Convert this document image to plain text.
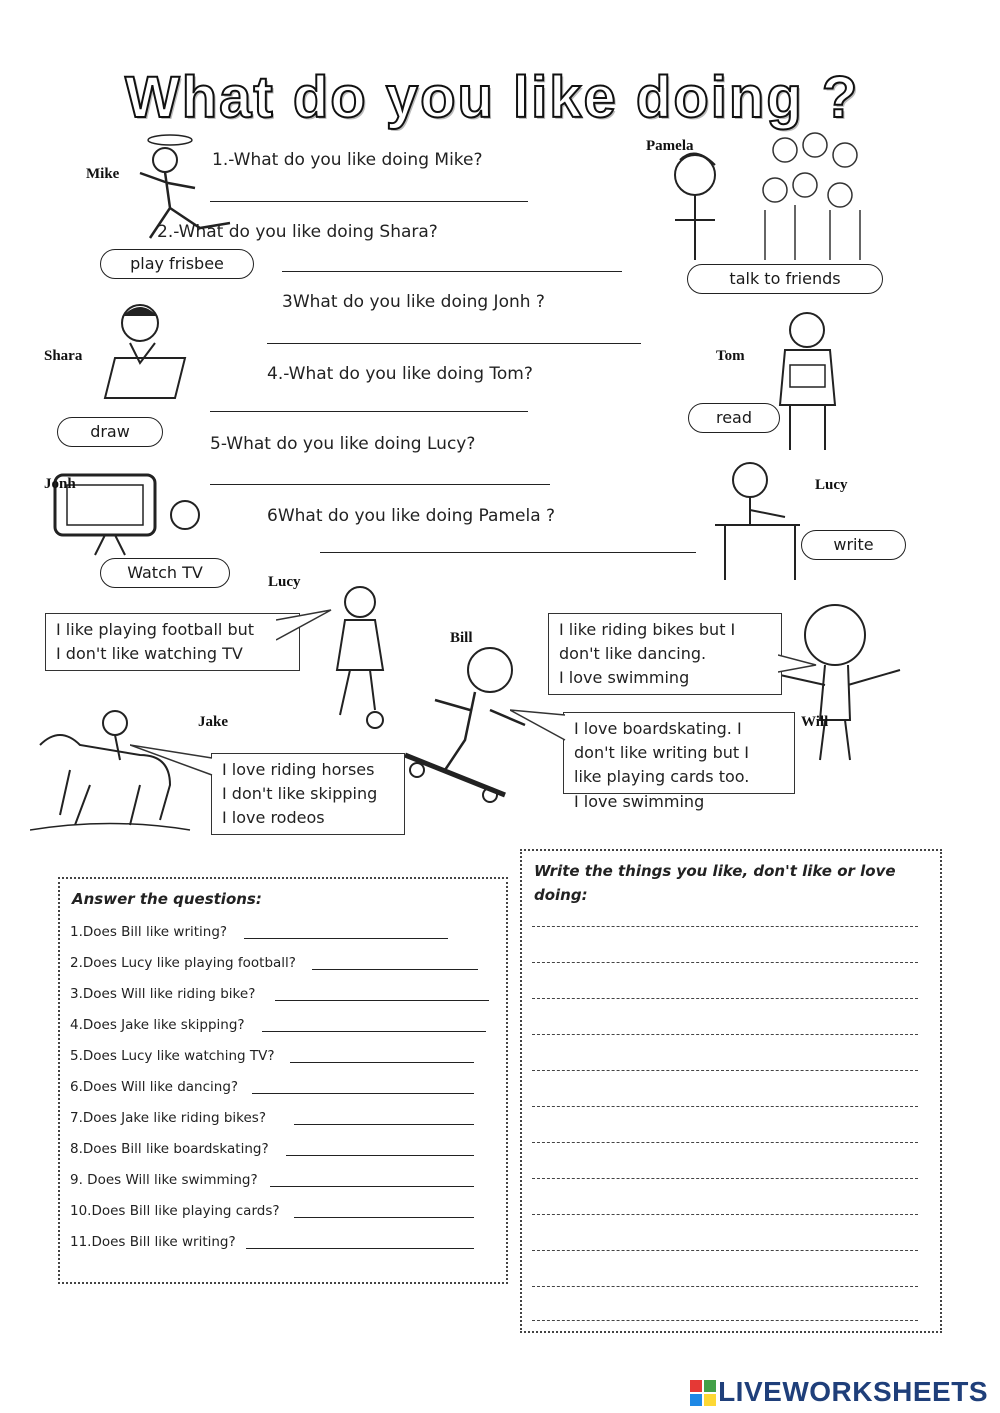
What do you like doing ?
Mike
Pamela
Shara	Tom
Jonh	Lucy
Lucy
Bill
Will
Jake
1.-What do you like doing Mike?
2.-What do you like doing Shara?
3What do you like doing Jonh ?
4.-What do you like doing Tom?
5-What do you like doing Lucy?
6What do you like doing Pamela ?
play frisbee
talk to friends
read
draw
write
Watch TV
I like playing football but
I don't like watching TV
I like riding bikes but I
don't like dancing.
I love swimming
I love boardskating. I
don't like writing but I
like playing cards too.
I love swimming
I love riding horses
I don't like skipping
I love rodeos
Answer the questions:
1.Does Bill like writing?
2.Does Lucy like playing football?
3.Does Will like riding bike?
4.Does Jake like skipping?
5.Does Lucy like watching TV?
6.Does Will like dancing?
7.Does Jake like riding bikes?
8.Does Bill like boardskating?
9. Does Will like swimming?
10.Does Bill like playing cards?
11.Does Bill like writing?
Write the things you like, don't like or love
doing:
LIVEWORKSHEETS
